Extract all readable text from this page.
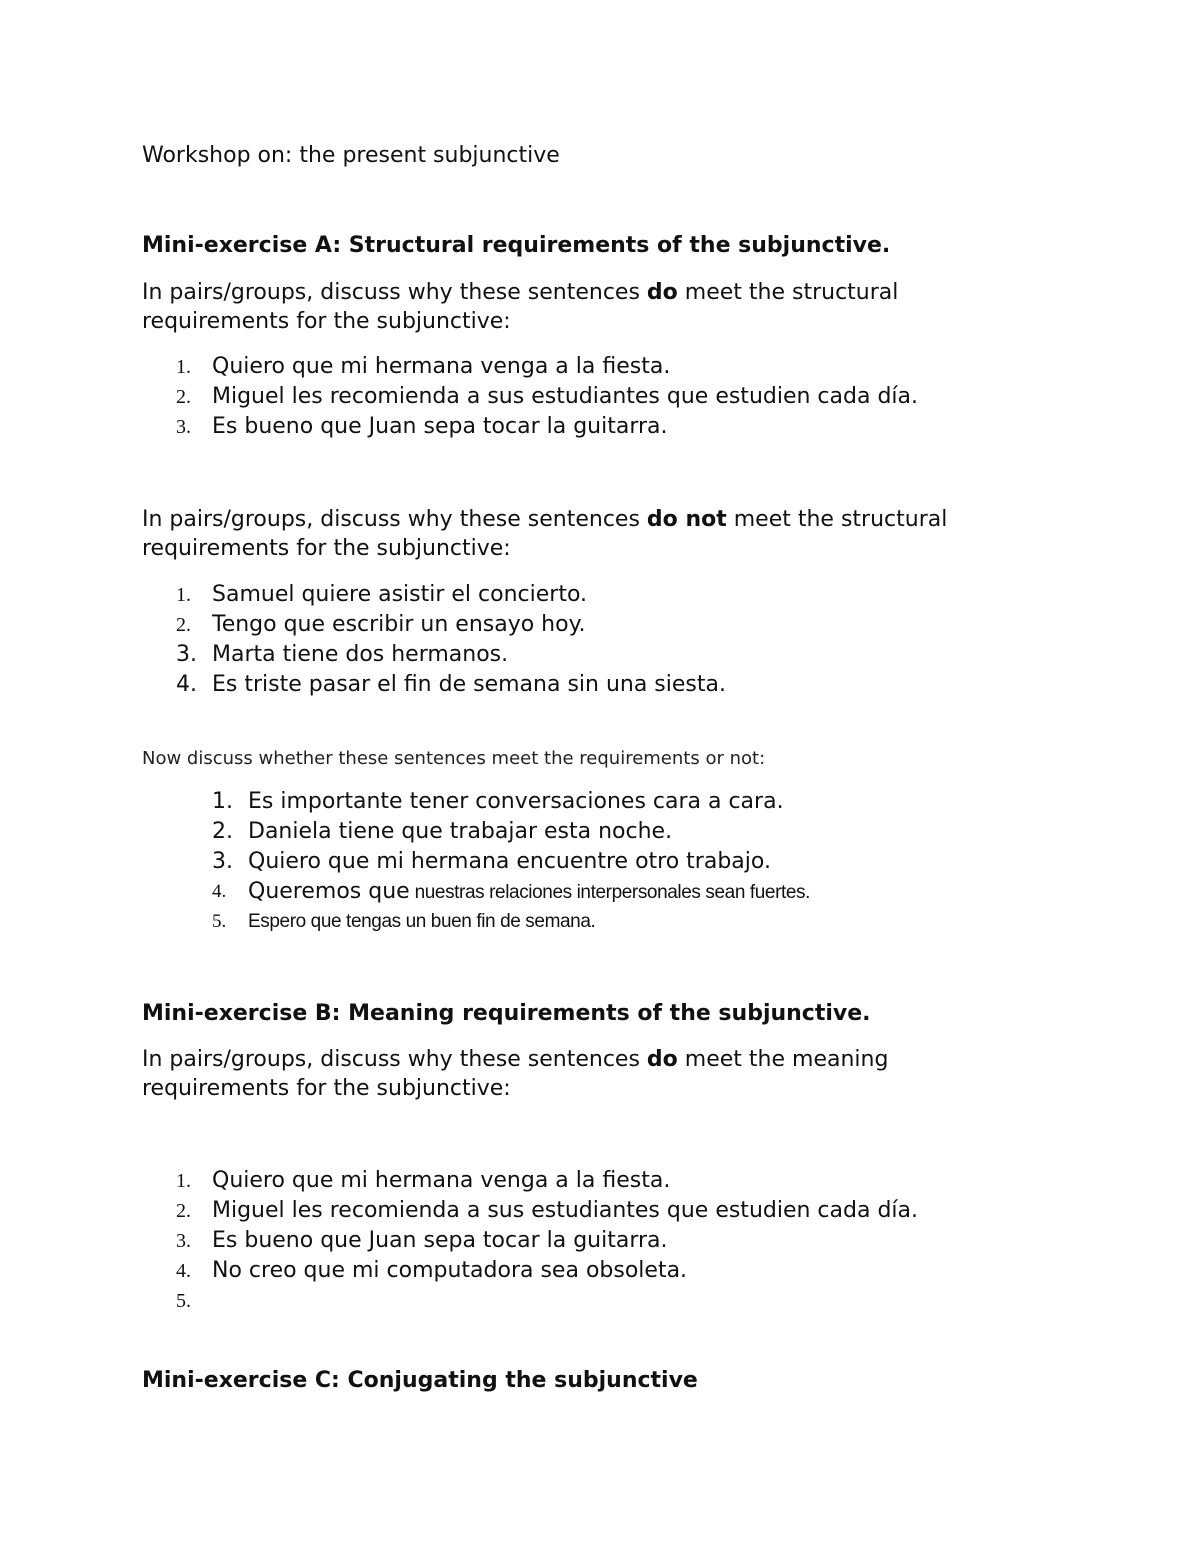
Workshop on: the present subjunctive
Mini-exercise A: Structural requirements of the subjunctive.
In pairs/groups, discuss why these sentences do meet the structural requirements for the subjunctive:
1. Quiero que mi hermana venga a la fiesta.
2. Miguel les recomienda a sus estudiantes que estudien cada día.
3. Es bueno que Juan sepa tocar la guitarra.
In pairs/groups, discuss why these sentences do not meet the structural requirements for the subjunctive:
1. Samuel quiere asistir el concierto.
2. Tengo que escribir un ensayo hoy.
3. Marta tiene dos hermanos.
4. Es triste pasar el fin de semana sin una siesta.
Now discuss whether these sentences meet the requirements or not:
1. Es importante tener conversaciones cara a cara.
2. Daniela tiene que trabajar esta noche.
3. Quiero que mi hermana encuentre otro trabajo.
4. Queremos que nuestras relaciones interpersonales sean fuertes.
5.	Espero que tengas un buen fin de semana.
Mini-exercise B: Meaning requirements of the subjunctive.
In pairs/groups, discuss why these sentences do meet the meaning requirements for the subjunctive:
1. Quiero que mi hermana venga a la fiesta.
2. Miguel les recomienda a sus estudiantes que estudien cada día.
3. Es bueno que Juan sepa tocar la guitarra.
4. No creo que mi computadora sea obsoleta.
5.
Mini-exercise C: Conjugating the subjunctive
